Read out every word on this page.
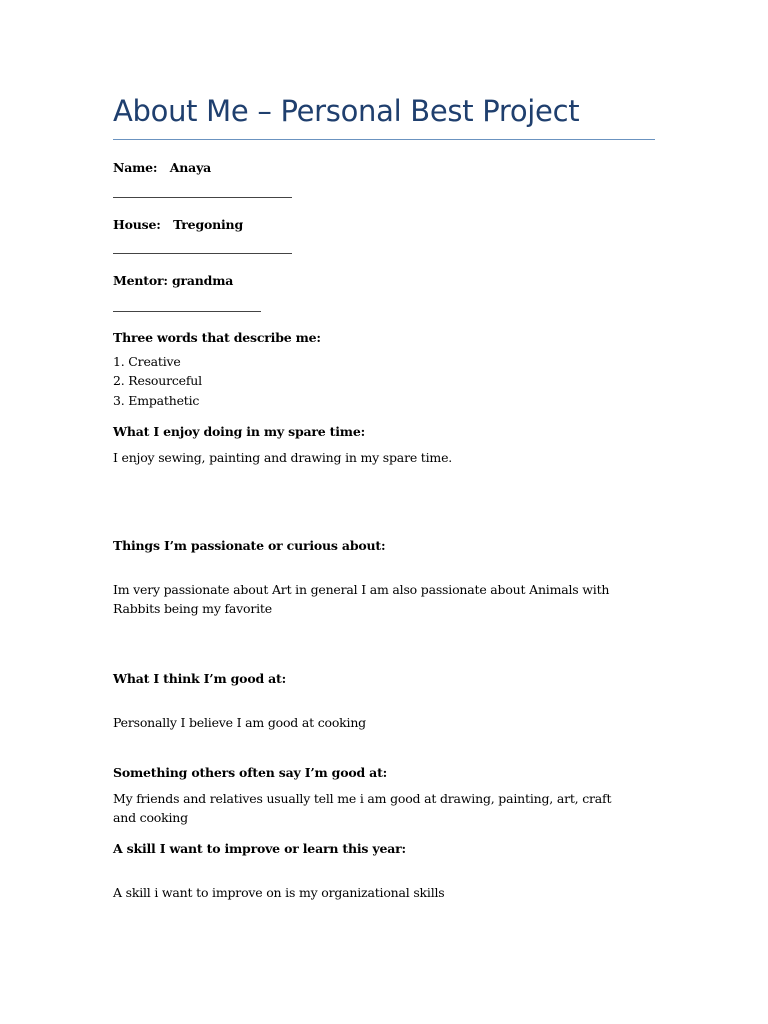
About Me – Personal Best Project
Name: Anaya
House: Tregoning
Mentor: grandma
Three words that describe me:
1. Creative
2. Resourceful
3. Empathetic
What I enjoy doing in my spare time:
I enjoy sewing, painting and drawing in my spare time.
Things I’m passionate or curious about:
Im very passionate about Art in general I am also passionate about Animals with Rabbits being my favorite
What I think I’m good at:
Personally I believe I am good at cooking
Something others often say I’m good at:
My friends and relatives usually tell me i am good at drawing, painting, art, craft and cooking
A skill I want to improve or learn this year:
A skill i want to improve on is my organizational skills
